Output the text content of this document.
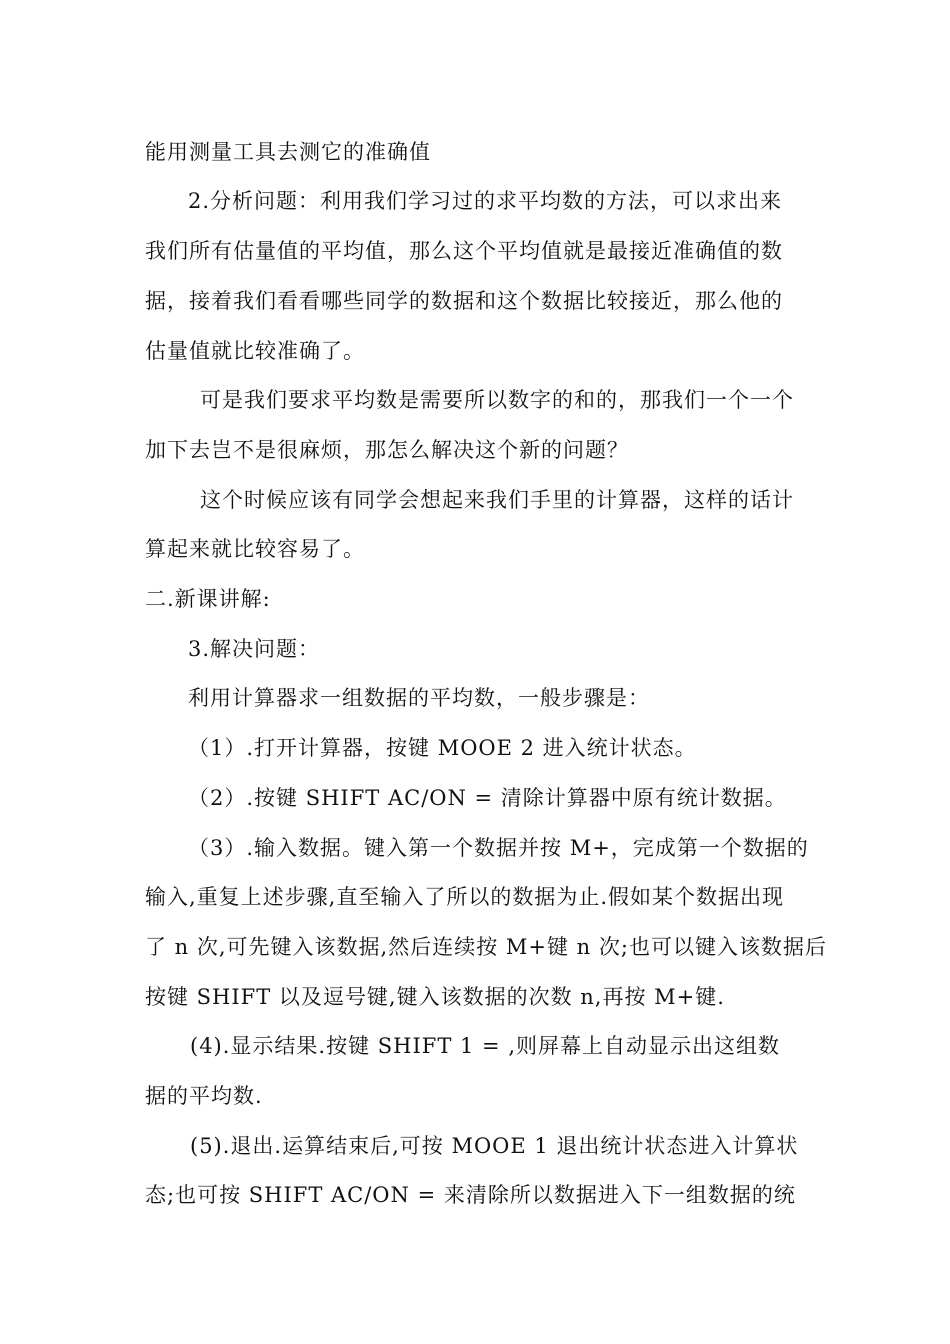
能用测量工具去测它的准确值
2.分析问题：利用我们学习过的求平均数的方法，可以求出来
我们所有估量值的平均值，那么这个平均值就是最接近准确值的数
据，接着我们看看哪些同学的数据和这个数据比较接近，那么他的
估量值就比较准确了。
可是我们要求平均数是需要所以数字的和的，那我们一个一个
加下去岂不是很麻烦，那怎么解决这个新的问题？
这个时候应该有同学会想起来我们手里的计算器，这样的话计
算起来就比较容易了。
二.新课讲解:
3.解决问题：
利用计算器求一组数据的平均数，一般步骤是：
（1）.打开计算器，按键 MOOE 2 进入统计状态。
（2）.按键 SHIFT AC/ON = 清除计算器中原有统计数据。
（3）.输入数据。键入第一个数据并按 M+，完成第一个数据的
输入,重复上述步骤,直至输入了所以的数据为止.假如某个数据出现
了 n 次,可先键入该数据,然后连续按 M+键 n 次;也可以键入该数据后
按键 SHIFT 以及逗号键,键入该数据的次数 n,再按 M+键.
(4).显示结果.按键 SHIFT 1 = ,则屏幕上自动显示出这组数
据的平均数.
(5).退出.运算结束后,可按 MOOE 1 退出统计状态进入计算状
态;也可按 SHIFT AC/ON = 来清除所以数据进入下一组数据的统
